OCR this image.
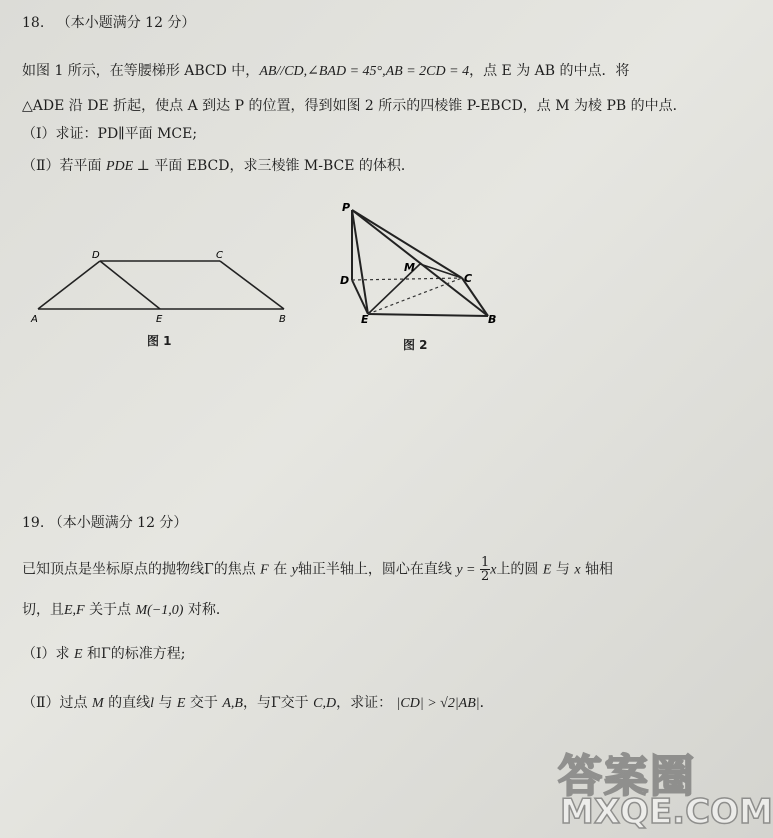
18. （本小题满分 12 分）
如图 1 所示，在等腰梯形 ABCD 中，AB//CD,∠BAD = 45°,AB = 2CD = 4，点 E 为 AB 的中点．将
△ADE 沿 DE 折起，使点 A 到达 P 的位置，得到如图 2 所示的四棱锥 P-EBCD，点 M 为棱 PB 的中点．
（Ⅰ）求证：PD∥平面 MCE;
（Ⅱ）若平面 PDE ⊥ 平面 EBCD，求三棱锥 M-BCE 的体积．
A
D	C
E	B
图 1
P
D
M
C
E	B
图 2
19. （本小题满分 12 分）
已知顶点是坐标原点的抛物线Γ的焦点 F 在 y轴正半轴上，圆心在直线 $y = \frac{1}{2}$ x上的圆 E 与 x 轴相
切，且E,F 关于点 M(−1,0) 对称．
（Ⅰ）求 E 和Γ的标准方程;
（Ⅱ）过点 M 的直线l 与 E 交于 A,B，与Γ交于 C,D，求证： |CD| > √2|AB|．
答案圈
MXQE.COM
